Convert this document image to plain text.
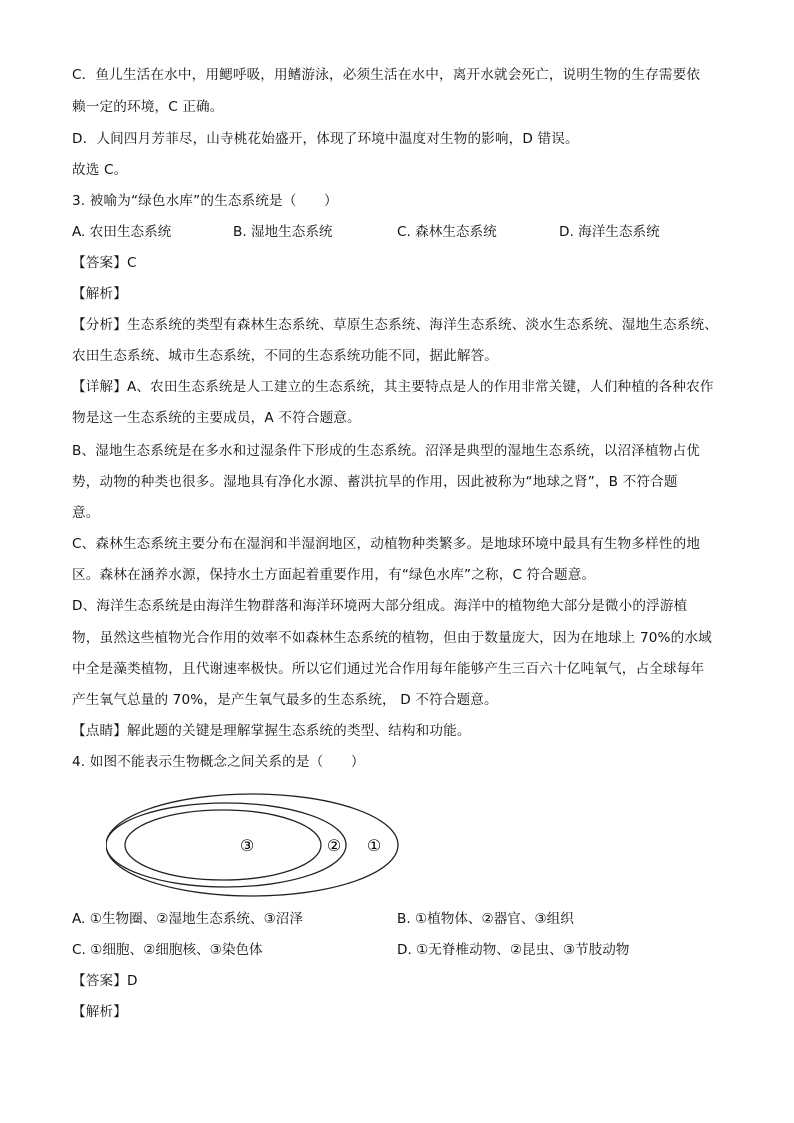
C．鱼儿生活在水中，用鳃呼吸，用鳍游泳，必须生活在水中，离开水就会死亡，说明生物的生存需要依
赖一定的环境，C 正确。
D．人间四月芳菲尽，山寺桃花始盛开，体现了环境中温度对生物的影响，D 错误。
故选 C。
3. 被喻为“绿色水库”的生态系统是（　　）
A. 农田生态系统	B. 湿地生态系统	C. 森林生态系统	D. 海洋生态系统
【答案】C
【解析】
【分析】生态系统的类型有森林生态系统、草原生态系统、海洋生态系统、淡水生态系统、湿地生态系统、
农田生态系统、城市生态系统，不同的生态系统功能不同，据此解答。
【详解】A、农田生态系统是人工建立的生态系统，其主要特点是人的作用非常关键，人们种植的各种农作
物是这一生态系统的主要成员，A 不符合题意。
B、湿地生态系统是在多水和过湿条件下形成的生态系统。沼泽是典型的湿地生态系统，以沼泽植物占优
势，动物的种类也很多。湿地具有净化水源、蓄洪抗旱的作用，因此被称为“地球之肾”，B 不符合题
意。
C、森林生态系统主要分布在湿润和半湿润地区，动植物种类繁多。是地球环境中最具有生物多样性的地
区。森林在涵养水源，保持水土方面起着重要作用，有“绿色水库”之称，C 符合题意。
D、海洋生态系统是由海洋生物群落和海洋环境两大部分组成。海洋中的植物绝大部分是微小的浮游植
物，虽然这些植物光合作用的效率不如森林生态系统的植物，但由于数量庞大，因为在地球上 70%的水域
中全是藻类植物，且代谢速率极快。所以它们通过光合作用每年能够产生三百六十亿吨氧气，占全球每年
产生氧气总量的 70%，是产生氧气最多的生态系统， D 不符合题意。
【点睛】解此题的关键是理解掌握生态系统的类型、结构和功能。
4. 如图不能表示生物概念之间关系的是（　　）
③	② ①
A. ①生物圈、②湿地生态系统、③沼泽	B. ①植物体、②器官、③组织
C. ①细胞、②细胞核、③染色体	D. ①无脊椎动物、②昆虫、③节肢动物
【答案】D
【解析】
